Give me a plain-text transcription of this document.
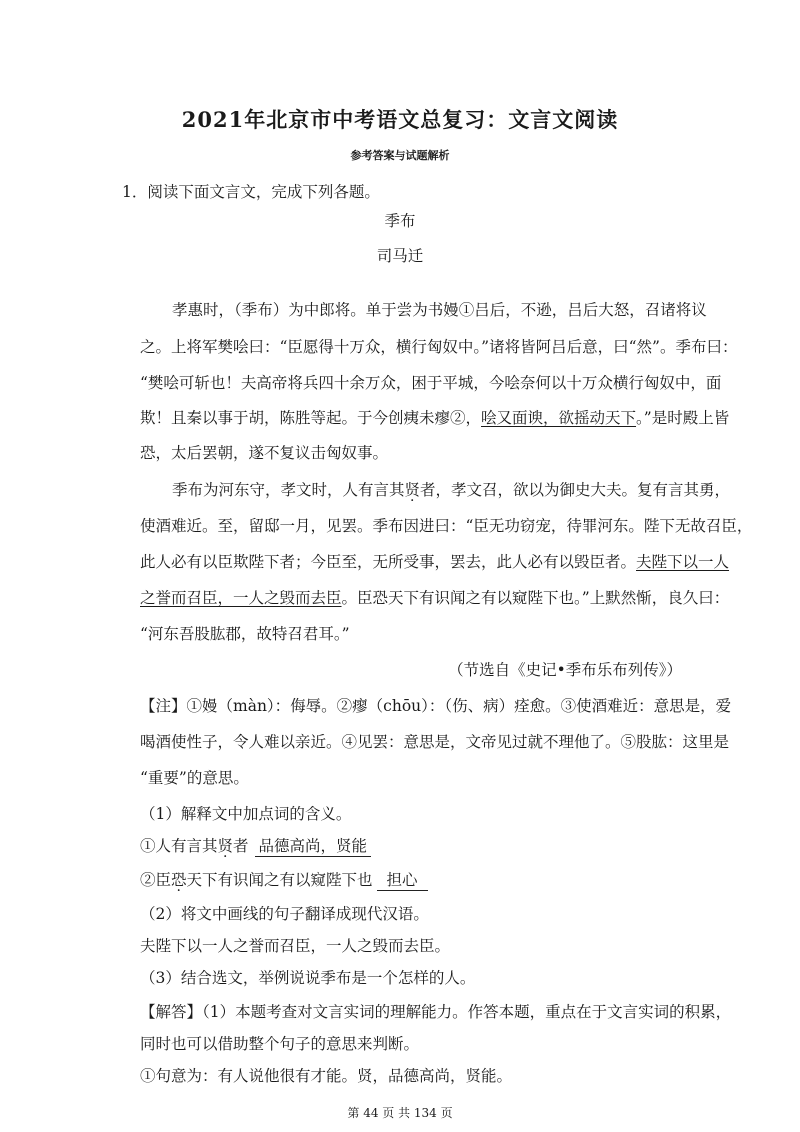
2021年北京市中考语文总复习：文言文阅读
参考答案与试题解析
1．阅读下面文言文，完成下列各题。
季布
司马迁
孝惠时，（季布）为中郎将。单于尝为书嫚①吕后，不逊，吕后大怒，召诸将议
之。上将军樊哙曰：“臣愿得十万众，横行匈奴中。”诸将皆阿吕后意，曰“然”。季布曰：
“樊哙可斩也！夫高帝将兵四十余万众，困于平城，今哙奈何以十万众横行匈奴中，面
欺！且秦以事于胡，陈胜等起。于今创痍未瘳②，哙又面谀，欲摇动天下。”是时殿上皆
恐，太后罢朝，遂不复议击匈奴事。
季布为河东守，孝文时，人有言其贤者，孝文召，欲以为御史大夫。复有言其勇，
使酒难近。至，留邸一月，见罢。季布因进曰：“臣无功窃宠，待罪河东。陛下无故召臣，
此人必有以臣欺陛下者；今臣至，无所受事，罢去，此人必有以毁臣者。夫陛下以一人
之誉而召臣，一人之毁而去臣。臣恐天下有识闻之有以窥陛下也。”上默然惭，良久曰：
“河东吾股肱郡，故特召君耳。”
（节选自《史记•季布乐布列传》）
【注】①嫚（màn）：侮辱。②瘳（chōu）：（伤、病）痊愈。③使酒难近：意思是，爱
喝酒使性子，令人难以亲近。④见罢：意思是，文帝见过就不理他了。⑤股肱：这里是
“重要”的意思。
（1）解释文中加点词的含义。
①人有言其贤者 品德高尚，贤能
②臣恐天下有识闻之有以窥陛下也 担心
（2）将文中画线的句子翻译成现代汉语。
夫陛下以一人之誉而召臣，一人之毁而去臣。
（3）结合选文，举例说说季布是一个怎样的人。
第 44 页 共 134 页
【解答】（1）本题考查对文言实词的理解能力。作答本题，重点在于文言实词的积累，
同时也可以借助整个句子的意思来判断。
①句意为：有人说他很有才能。贤，品德高尚，贤能。
